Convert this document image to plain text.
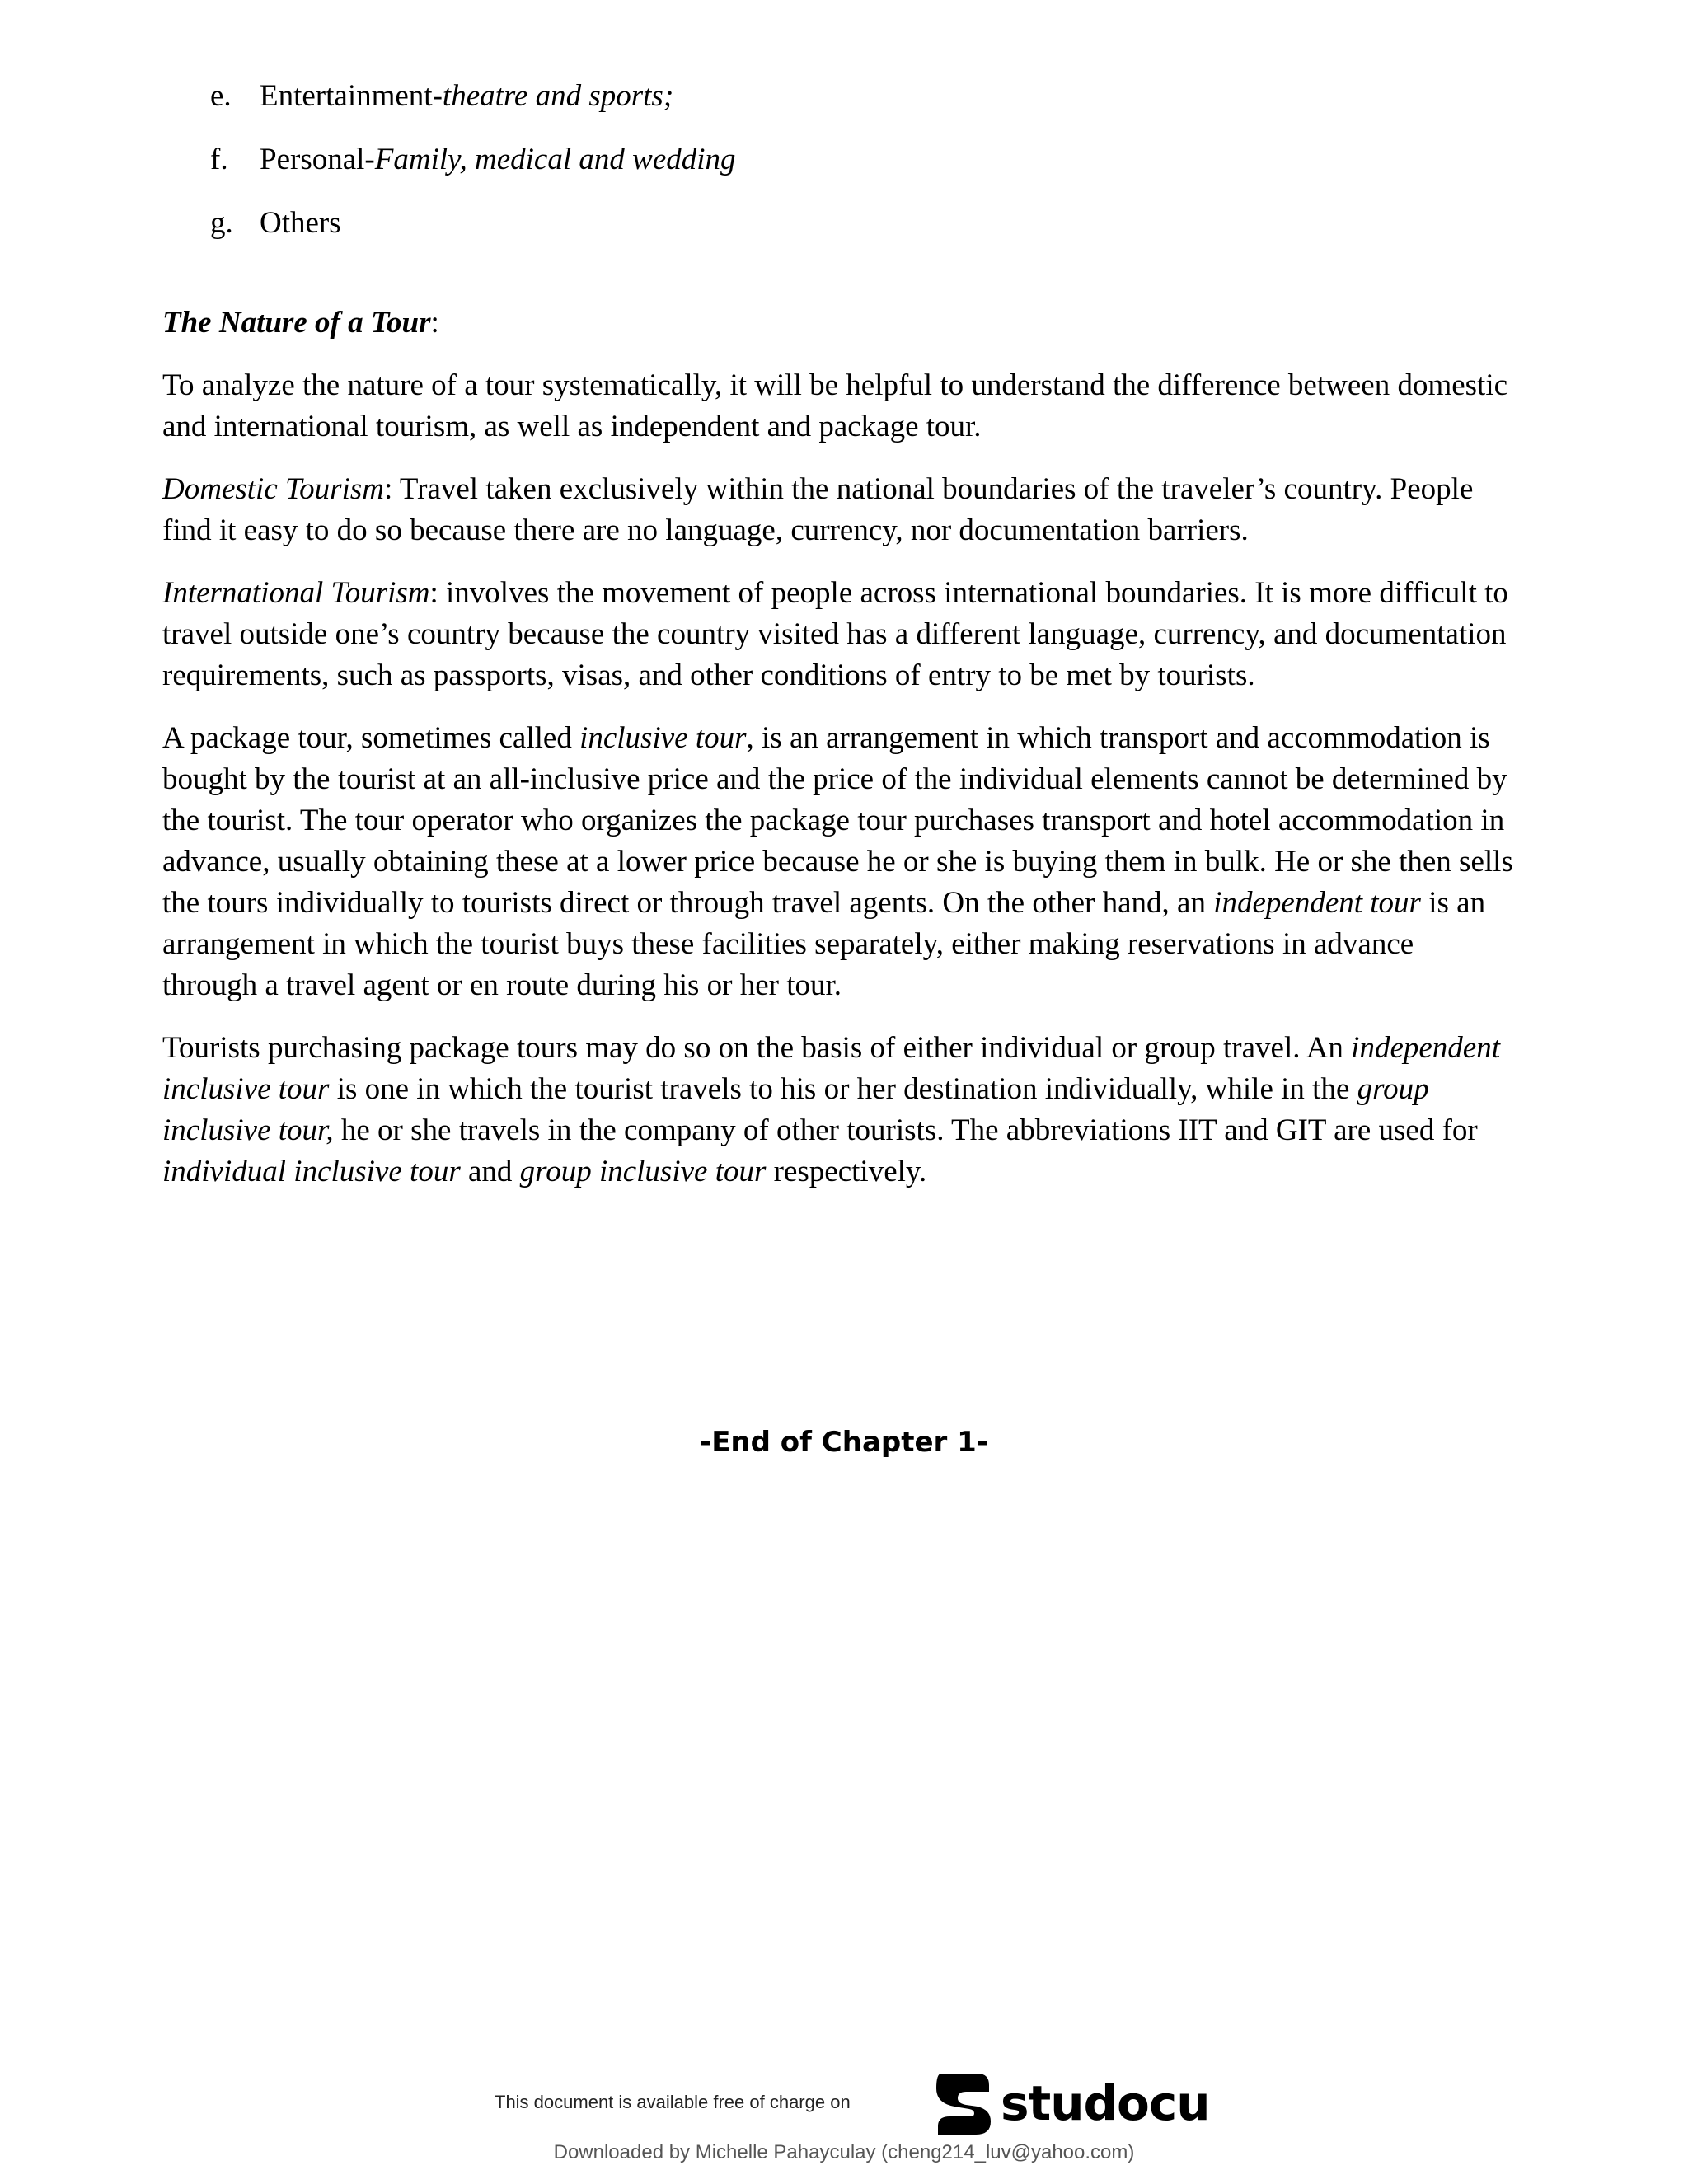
e. Entertainment-theatre and sports;
f. Personal-Family, medical and wedding
g. Others
The Nature of a Tour:

To analyze the nature of a tour systematically, it will be helpful to understand the difference between domestic and international tourism, as well as independent and package tour.

Domestic Tourism: Travel taken exclusively within the national boundaries of the traveler’s country. People find it easy to do so because there are no language, currency, nor documentation barriers.

International Tourism: involves the movement of people across international boundaries. It is more difficult to travel outside one’s country because the country visited has a different language, currency, and documentation requirements, such as passports, visas, and other conditions of entry to be met by tourists.

A package tour, sometimes called inclusive tour, is an arrangement in which transport and accommodation is bought by the tourist at an all-inclusive price and the price of the individual elements cannot be determined by the tourist. The tour operator who organizes the package tour purchases transport and hotel accommodation in advance, usually obtaining these at a lower price because he or she is buying them in bulk. He or she then sells the tours individually to tourists direct or through travel agents. On the other hand, an independent tour is an arrangement in which the tourist buys these facilities separately, either making reservations in advance through a travel agent or en route during his or her tour.

Tourists purchasing package tours may do so on the basis of either individual or group travel. An independent inclusive tour is one in which the tourist travels to his or her destination individually, while in the group inclusive tour, he or she travels in the company of other tourists. The abbreviations IIT and GIT are used for individual inclusive tour and group inclusive tour respectively.

-End of Chapter 1-
This document is available free of charge on	studocu
Downloaded by Michelle Pahayculay (cheng214_luv@yahoo.com)
